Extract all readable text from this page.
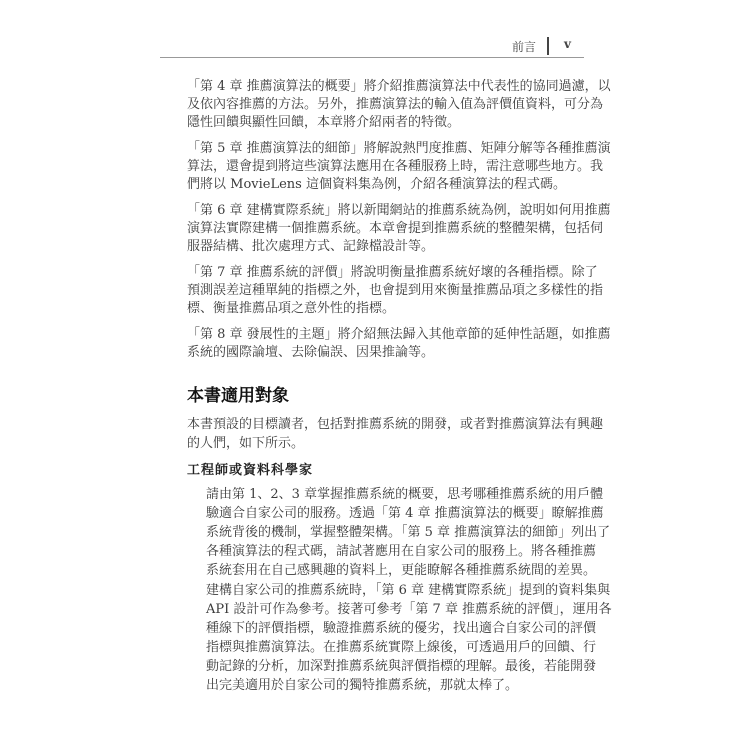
前言 v
「第 4 章 推薦演算法的概要」將介紹推薦演算法中代表性的協同過濾，以
及依內容推薦的方法。另外，推薦演算法的輸入值為評價值資料，可分為
隱性回饋與顯性回饋，本章將介紹兩者的特徵。
「第 5 章 推薦演算法的細節」將解說熱門度推薦、矩陣分解等各種推薦演
算法，還會提到將這些演算法應用在各種服務上時，需注意哪些地方。我
們將以 MovieLens 這個資料集為例，介紹各種演算法的程式碼。
「第 6 章 建構實際系統」將以新聞網站的推薦系統為例，說明如何用推薦
演算法實際建構一個推薦系統。本章會提到推薦系統的整體架構，包括伺
服器結構、批次處理方式、記錄檔設計等。
「第 7 章 推薦系統的評價」將說明衡量推薦系統好壞的各種指標。除了
預測誤差這種單純的指標之外，也會提到用來衡量推薦品項之多樣性的指
標、衡量推薦品項之意外性的指標。
「第 8 章 發展性的主題」將介紹無法歸入其他章節的延伸性話題，如推薦
系統的國際論壇、去除偏誤、因果推論等。
本書預設的目標讀者，包括對推薦系統的開發，或者對推薦演算法有興趣
的人們，如下所示。
請由第 1、2、3 章掌握推薦系統的概要，思考哪種推薦系統的用戶體
驗適合自家公司的服務。透過「第 4 章 推薦演算法的概要」瞭解推薦
系統背後的機制，掌握整體架構。「第 5 章 推薦演算法的細節」列出了
各種演算法的程式碼，請試著應用在自家公司的服務上。將各種推薦
系統套用在自己感興趣的資料上，更能瞭解各種推薦系統間的差異。
建構自家公司的推薦系統時，「第 6 章 建構實際系統」提到的資料集與
API 設計可作為參考。接著可參考「第 7 章 推薦系統的評價」，運用各
種線下的評價指標，驗證推薦系統的優劣，找出適合自家公司的評價
指標與推薦演算法。在推薦系統實際上線後，可透過用戶的回饋、行
動記錄的分析，加深對推薦系統與評價指標的理解。最後，若能開發
出完美適用於自家公司的獨特推薦系統，那就太棒了。
本書適用對象
工程師或資料科學家
